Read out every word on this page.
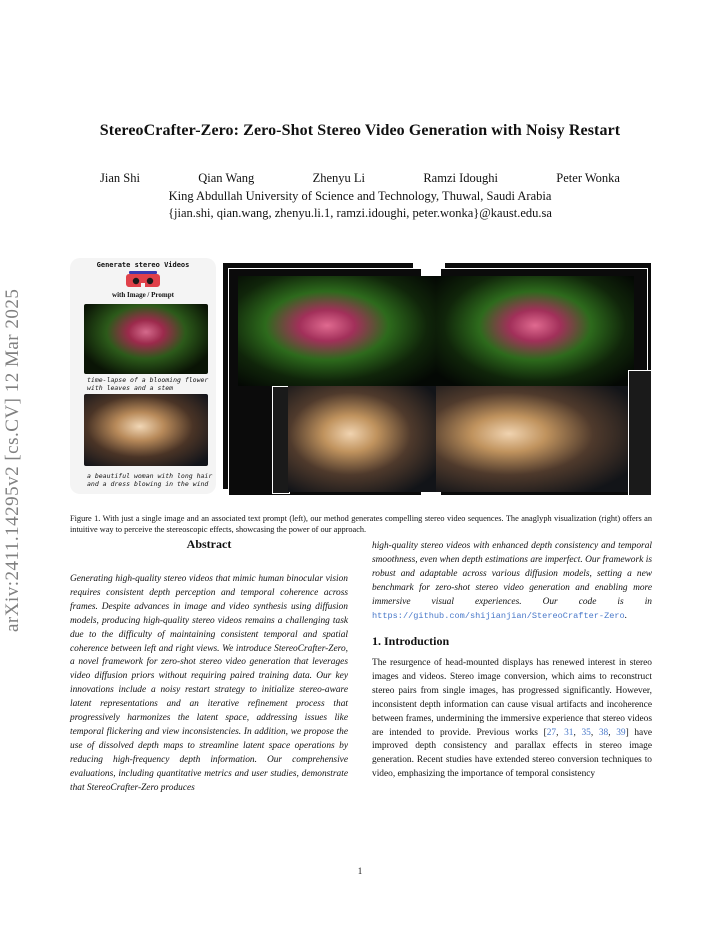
StereoCrafter-Zero: Zero-Shot Stereo Video Generation with Noisy Restart
Jian Shi	Qian Wang	Zhenyu Li	Ramzi Idoughi	Peter Wonka
King Abdullah University of Science and Technology, Thuwal, Saudi Arabia
{jian.shi, qian.wang, zhenyu.li.1, ramzi.idoughi, peter.wonka}@kaust.edu.sa
arXiv:2411.14295v2 [cs.CV] 12 Mar 2025
Generate stereo Videos
with Image / Prompt
time-lapse of a blooming flower with leaves and a stem
a beautiful woman with long hair and a dress blowing in the wind
Figure 1. With just a single image and an associated text prompt (left), our method generates compelling stereo video sequences. The anaglyph visualization (right) offers an intuitive way to perceive the stereoscopic effects, showcasing the power of our approach.
Abstract
Generating high-quality stereo videos that mimic human binocular vision requires consistent depth perception and temporal coherence across frames. Despite advances in image and video synthesis using diffusion models, producing high-quality stereo videos remains a challenging task due to the difficulty of maintaining consistent temporal and spatial coherence between left and right views. We introduce StereoCrafter-Zero, a novel framework for zero-shot stereo video generation that leverages video diffusion priors without requiring paired training data. Our key innovations include a noisy restart strategy to initialize stereo-aware latent representations and an iterative refinement process that progressively harmonizes the latent space, addressing issues like temporal flickering and view inconsistencies. In addition, we propose the use of dissolved depth maps to streamline latent space operations by reducing high-frequency depth information. Our comprehensive evaluations, including quantitative metrics and user studies, demonstrate that StereoCrafter-Zero produces
high-quality stereo videos with enhanced depth consistency and temporal smoothness, even when depth estimations are imperfect. Our framework is robust and adaptable across various diffusion models, setting a new benchmark for zero-shot stereo video generation and enabling more immersive visual experiences. Our code is in https://github.com/shijianjian/StereoCrafter-Zero.
1. Introduction
The resurgence of head-mounted displays has renewed interest in stereo images and videos. Stereo image conversion, which aims to reconstruct stereo pairs from single images, has progressed significantly. However, inconsistent depth information can cause visual artifacts and incoherence between frames, undermining the immersive experience that stereo videos are intended to provide. Previous works [27, 31, 35, 38, 39] have improved depth consistency and parallax effects in stereo image generation. Recent studies have extended stereo conversion techniques to video, emphasizing the importance of temporal consistency
1
